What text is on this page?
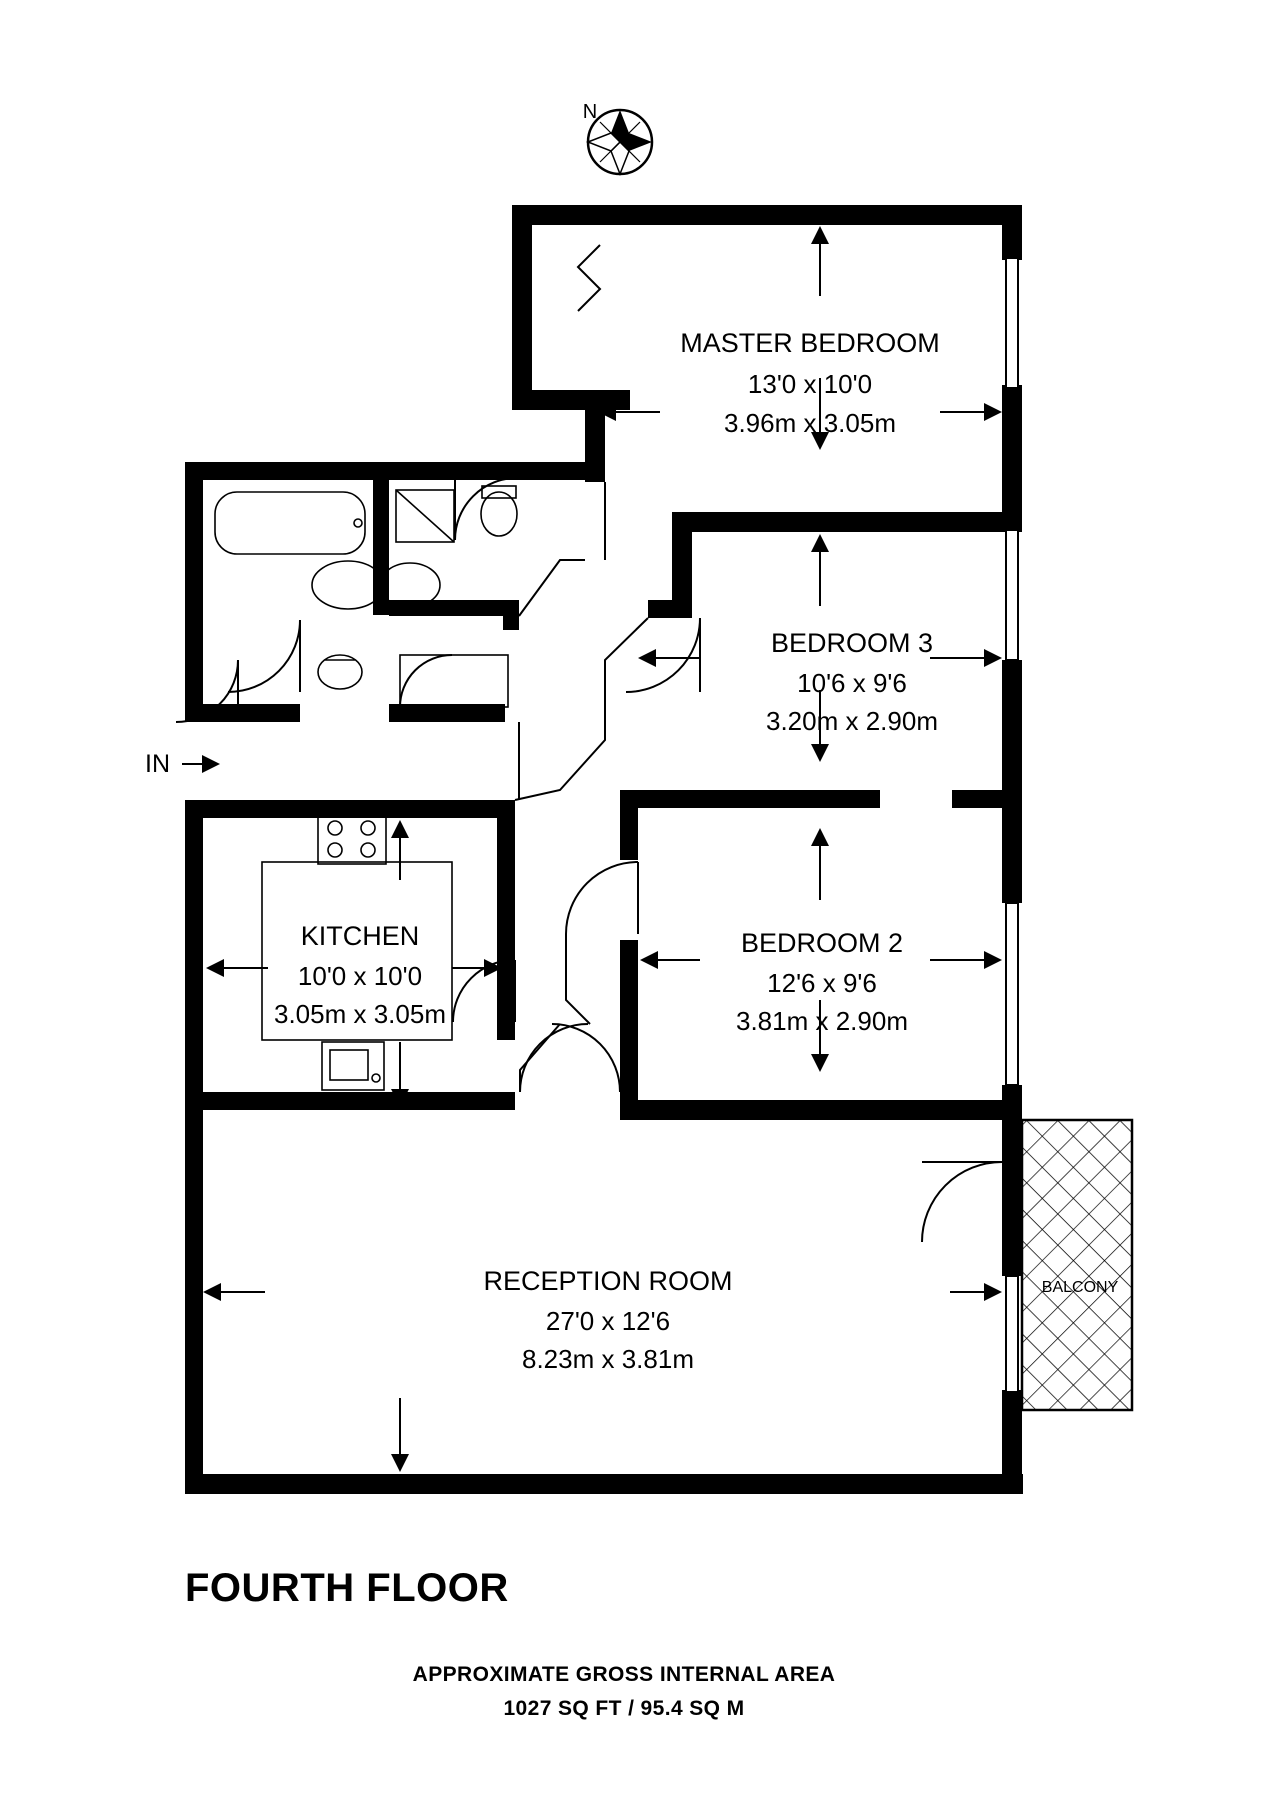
N
IN
MASTER BEDROOM
13'0 x 10'0
3.96m x 3.05m
BEDROOM 3
10'6 x 9'6
3.20m x 2.90m
BEDROOM 2
12'6 x 9'6
3.81m x 2.90m
KITCHEN
10'0 x 10'0
3.05m x 3.05m
RECEPTION ROOM
27'0 x 12'6
8.23m x 3.81m
BALCONY
FOURTH FLOOR
APPROXIMATE GROSS INTERNAL AREA
1027 SQ FT / 95.4 SQ M
